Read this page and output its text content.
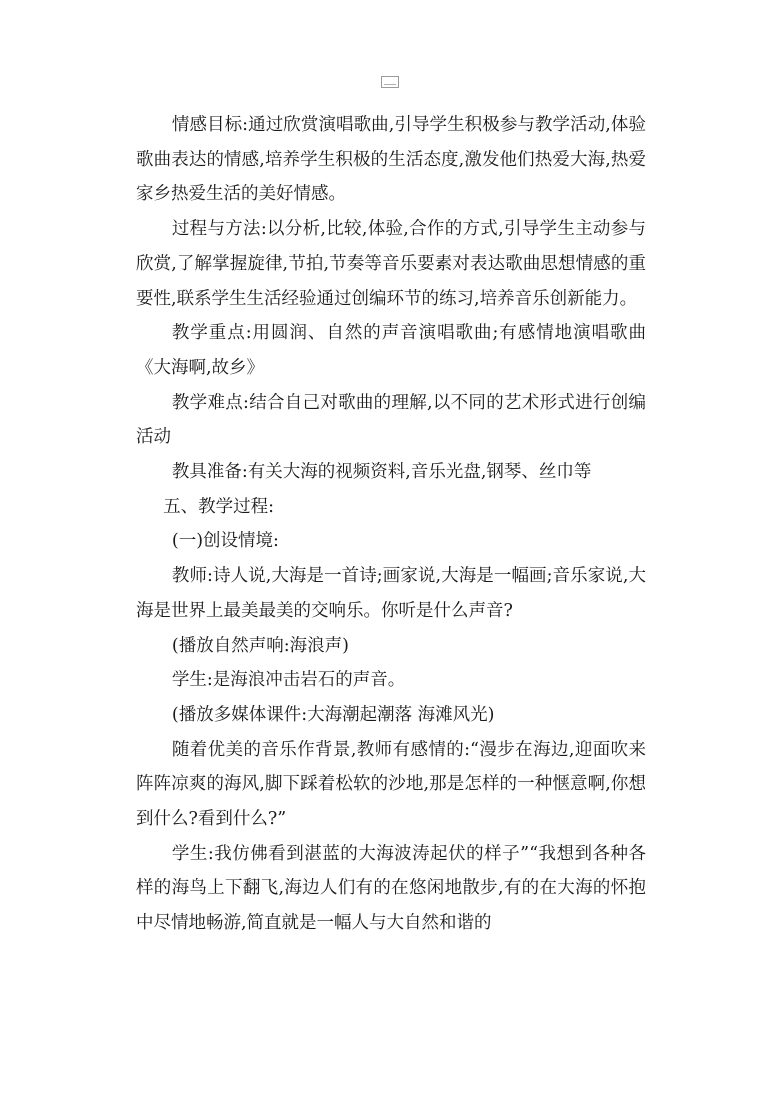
情感目标:通过欣赏演唱歌曲,引导学生积极参与教学活动,体验歌曲表达的情感,培养学生积极的生活态度,激发他们热爱大海,热爱家乡热爱生活的美好情感。

过程与方法:以分析,比较,体验,合作的方式,引导学生主动参与欣赏,了解掌握旋律,节拍,节奏等音乐要素对表达歌曲思想情感的重要性,联系学生生活经验通过创编环节的练习,培养音乐创新能力。

教学重点:用圆润、自然的声音演唱歌曲;有感情地演唱歌曲《大海啊,故乡》

教学难点:结合自己对歌曲的理解,以不同的艺术形式进行创编活动

教具准备:有关大海的视频资料,音乐光盘,钢琴、丝巾等

五、教学过程:

(一)创设情境:

教师:诗人说,大海是一首诗;画家说,大海是一幅画;音乐家说,大海是世界上最美最美的交响乐。你听是什么声音?

(播放自然声响:海浪声)

学生:是海浪冲击岩石的声音。

(播放多媒体课件:大海潮起潮落 海滩风光)

随着优美的音乐作背景,教师有感情的:“漫步在海边,迎面吹来阵阵凉爽的海风,脚下踩着松软的沙地,那是怎样的一种惬意啊,你想到什么?看到什么?”

学生:我仿佛看到湛蓝的大海波涛起伏的样子”“我想到各种各样的海鸟上下翻飞,海边人们有的在悠闲地散步,有的在大海的怀抱中尽情地畅游,简直就是一幅人与大自然和谐的
